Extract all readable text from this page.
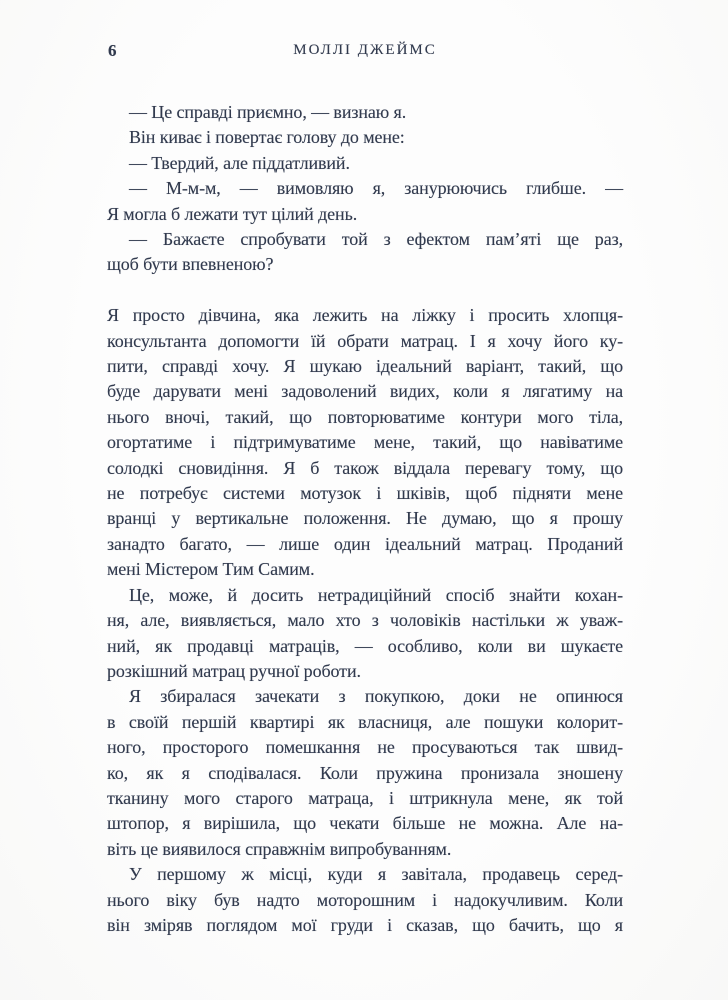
6	МОЛЛІ ДЖЕЙМС

— Це справді приємно, — визнаю я.

Він киває і повертає голову до мене:

— Твердий, але піддатливий.

— М-м-м, — вимовляю я, занурюючись глибше. —
Я могла б лежати тут цілий день.

— Бажаєте спробувати той з ефектом пам’яті ще раз,
щоб бути впевненою?

Я просто дівчина, яка лежить на ліжку і просить хлопця-
консультанта допомогти їй обрати матрац. І я хочу його ку-
пити, справді хочу. Я шукаю ідеальний варіант, такий, що
буде дарувати мені задоволений видих, коли я лягатиму на
нього вночі, такий, що повторюватиме контури мого тіла,
огортатиме і підтримуватиме мене, такий, що навіватиме
солодкі сновидіння. Я б також віддала перевагу тому, що
не потребує системи мотузок і шківів, щоб підняти мене
вранці у вертикальне положення. Не думаю, що я прошу
занадто багато, — лише один ідеальний матрац. Проданий
мені Містером Тим Самим.

Це, може, й досить нетрадиційний спосіб знайти кохан-
ня, але, виявляється, мало хто з чоловіків настільки ж уваж-
ний, як продавці матраців, — особливо, коли ви шукаєте
розкішний матрац ручної роботи.

Я збиралася зачекати з покупкою, доки не опинюся
в своїй першій квартирі як власниця, але пошуки колорит-
ного, просторого помешкання не просуваються так швид-
ко, як я сподівалася. Коли пружина пронизала зношену
тканину мого старого матраца, і штрикнула мене, як той
штопор, я вирішила, що чекати більше не можна. Але на-
віть це виявилося справжнім випробуванням.

У першому ж місці, куди я завітала, продавець серед-
нього віку був надто моторошним і надокучливим. Коли
він зміряв поглядом мої груди і сказав, що бачить, що я
